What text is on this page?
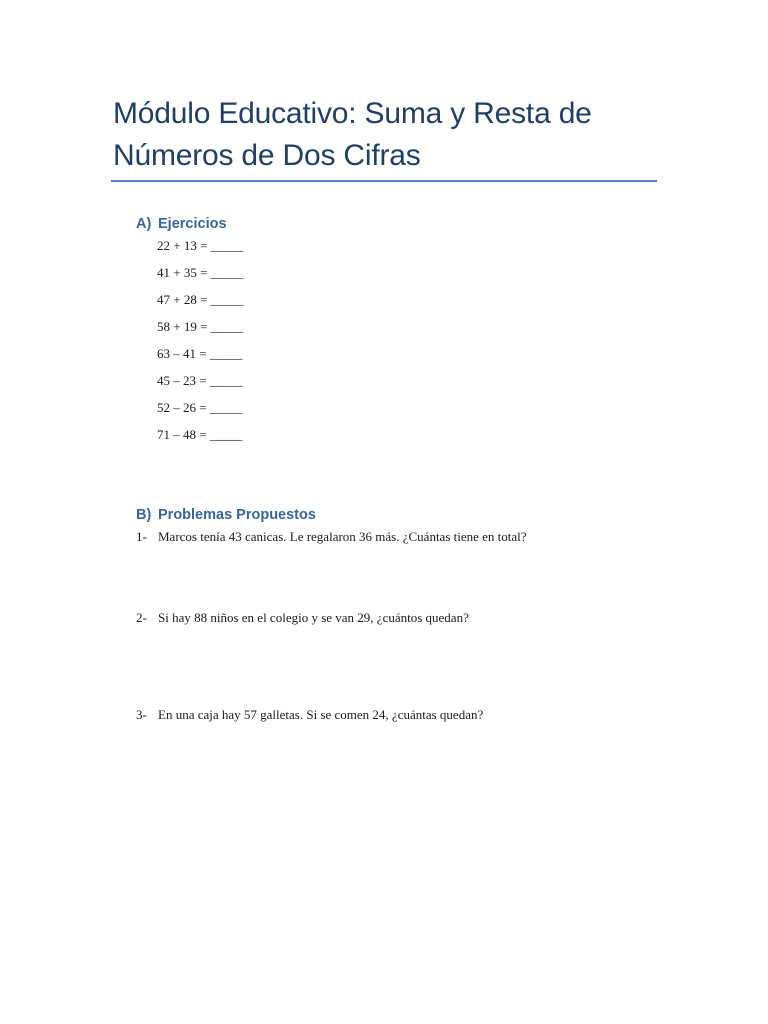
Módulo Educativo: Suma y Resta de Números de Dos Cifras
A) Ejercicios
22 + 13 = _____
41 + 35 = _____
47 + 28 = _____
58 + 19 = _____
63 – 41 = _____
45 – 23 = _____
52 – 26 = _____
71 – 48 = _____
B) Problemas Propuestos
1- Marcos tenía 43 canicas. Le regalaron 36 más. ¿Cuántas tiene en total?
2- Si hay 88 niños en el colegio y se van 29, ¿cuántos quedan?
3- En una caja hay 57 galletas. Si se comen 24, ¿cuántas quedan?
